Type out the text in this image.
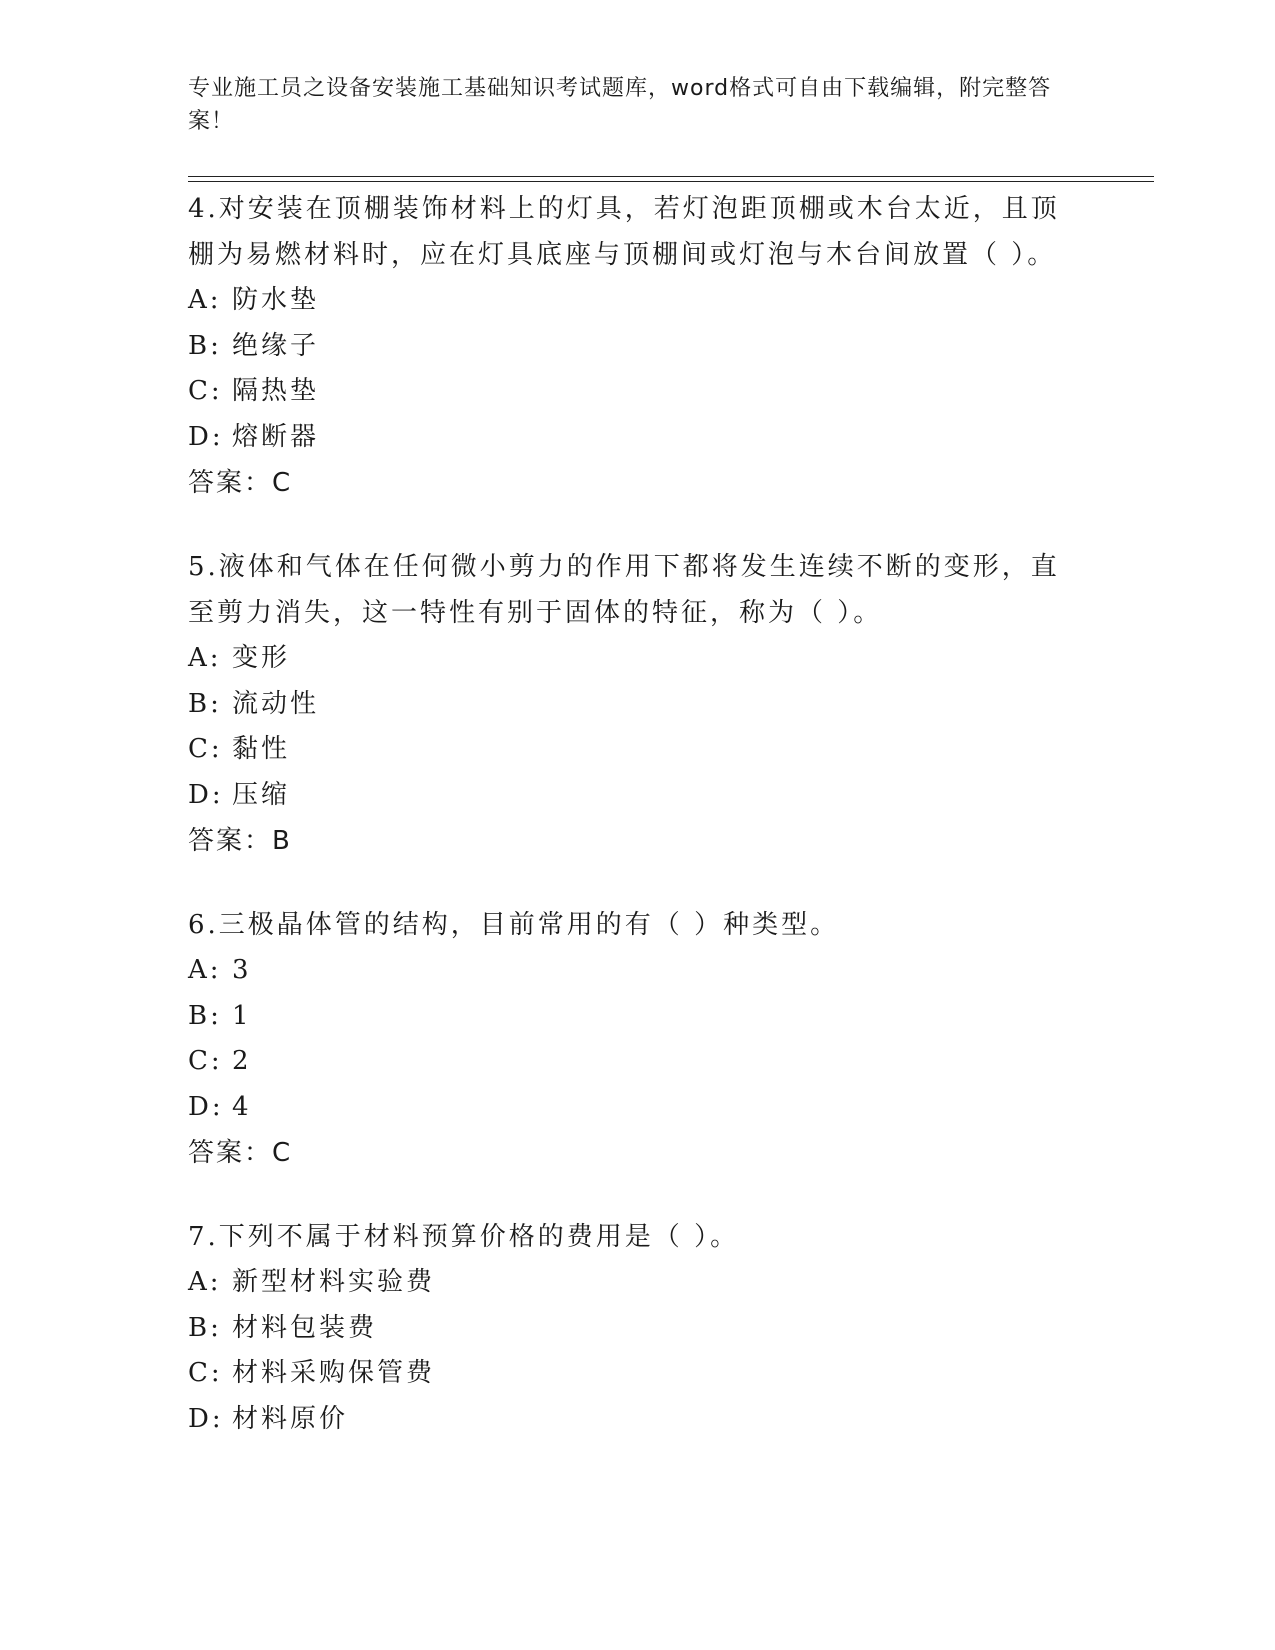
专业施工员之设备安装施工基础知识考试题库，word格式可自由下载编辑，附完整答案！

4.对安装在顶棚装饰材料上的灯具，若灯泡距顶棚或木台太近，且顶棚为易燃材料时，应在灯具底座与顶棚间或灯泡与木台间放置（ ）。

A: 防水垫

B: 绝缘子

C: 隔热垫

D: 熔断器

答案：C

5.液体和气体在任何微小剪力的作用下都将发生连续不断的变形，直至剪力消失，这一特性有别于固体的特征，称为（ ）。

A: 变形

B: 流动性

C: 黏性

D: 压缩

答案：B

6.三极晶体管的结构，目前常用的有（ ）种类型。

A: 3

B: 1

C: 2

D: 4

答案：C

7.下列不属于材料预算价格的费用是（ ）。

A: 新型材料实验费

B: 材料包装费

C: 材料采购保管费

D: 材料原价
